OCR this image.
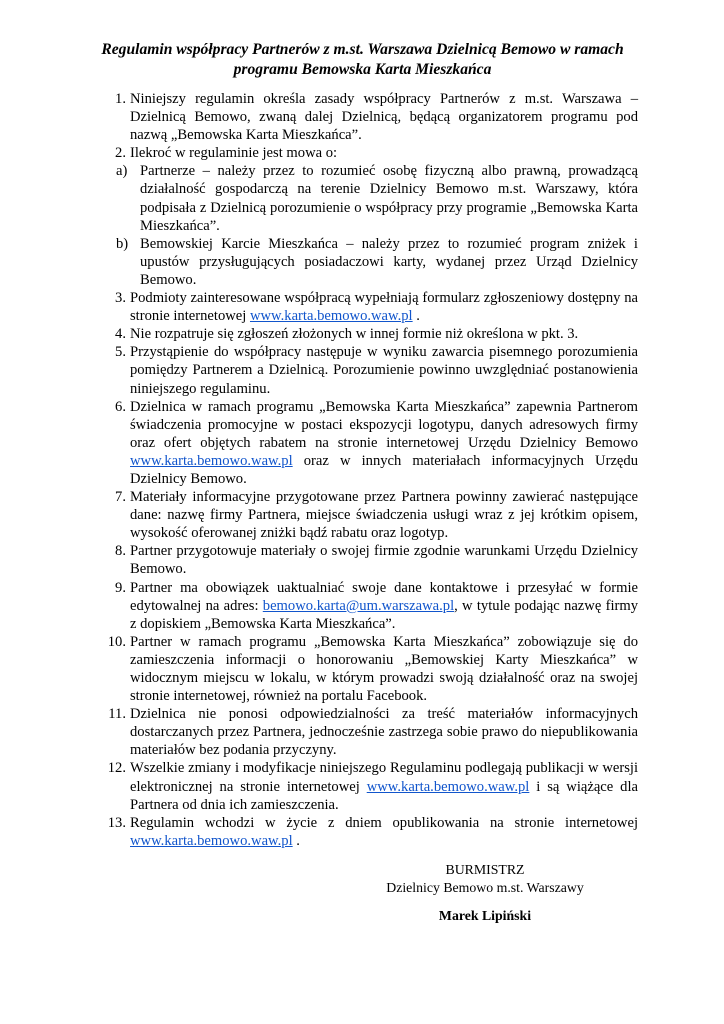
Regulamin współpracy Partnerów z m.st. Warszawa Dzielnicą Bemowo w ramach
programu Bemowska Karta Mieszkańca
1. Niniejszy regulamin określa zasady współpracy Partnerów z m.st. Warszawa – Dzielnicą Bemowo, zwaną dalej Dzielnicą, będącą organizatorem programu pod nazwą „Bemowska Karta Mieszkańca”.
2. Ilekroć w regulaminie jest mowa o:
a) Partnerze – należy przez to rozumieć osobę fizyczną albo prawną, prowadzącą działalność gospodarczą na terenie Dzielnicy Bemowo m.st. Warszawy, która podpisała z Dzielnicą porozumienie o współpracy przy programie „Bemowska Karta Mieszkańca”.
b) Bemowskiej Karcie Mieszkańca – należy przez to rozumieć program zniżek i upustów przysługujących posiadaczowi karty, wydanej przez Urząd Dzielnicy Bemowo.
3. Podmioty zainteresowane współpracą wypełniają formularz zgłoszeniowy dostępny na stronie internetowej www.karta.bemowo.waw.pl .
4. Nie rozpatruje się zgłoszeń złożonych w innej formie niż określona w pkt. 3.
5. Przystąpienie do współpracy następuje w wyniku zawarcia pisemnego porozumienia pomiędzy Partnerem a Dzielnicą. Porozumienie powinno uwzględniać postanowienia niniejszego regulaminu.
6. Dzielnica w ramach programu „Bemowska Karta Mieszkańca” zapewnia Partnerom świadczenia promocyjne w postaci ekspozycji logotypu, danych adresowych firmy oraz ofert objętych rabatem na stronie internetowej Urzędu Dzielnicy Bemowo www.karta.bemowo.waw.pl oraz w innych materiałach informacyjnych Urzędu Dzielnicy Bemowo.
7. Materiały informacyjne przygotowane przez Partnera powinny zawierać następujące dane: nazwę firmy Partnera, miejsce świadczenia usługi wraz z jej krótkim opisem, wysokość oferowanej zniżki bądź rabatu oraz logotyp.
8. Partner przygotowuje materiały o swojej firmie zgodnie warunkami Urzędu Dzielnicy Bemowo.
9. Partner ma obowiązek uaktualniać swoje dane kontaktowe i przesyłać w formie edytowalnej na adres: bemowo.karta@um.warszawa.pl, w tytule podając nazwę firmy z dopiskiem „Bemowska Karta Mieszkańca”.
10. Partner w ramach programu „Bemowska Karta Mieszkańca” zobowiązuje się do zamieszczenia informacji o honorowaniu „Bemowskiej Karty Mieszkańca” w widocznym miejscu w lokalu, w którym prowadzi swoją działalność oraz na swojej stronie internetowej, również na portalu Facebook.
11. Dzielnica nie ponosi odpowiedzialności za treść materiałów informacyjnych dostarczanych przez Partnera, jednocześnie zastrzega sobie prawo do niepublikowania materiałów bez podania przyczyny.
12. Wszelkie zmiany i modyfikacje niniejszego Regulaminu podlegają publikacji w wersji elektronicznej na stronie internetowej www.karta.bemowo.waw.pl i są wiążące dla Partnera od dnia ich zamieszczenia.
13. Regulamin wchodzi w życie z dniem opublikowania na stronie internetowej www.karta.bemowo.waw.pl .
BURMISTRZ
Dzielnicy Bemowo m.st. Warszawy
Marek Lipiński
